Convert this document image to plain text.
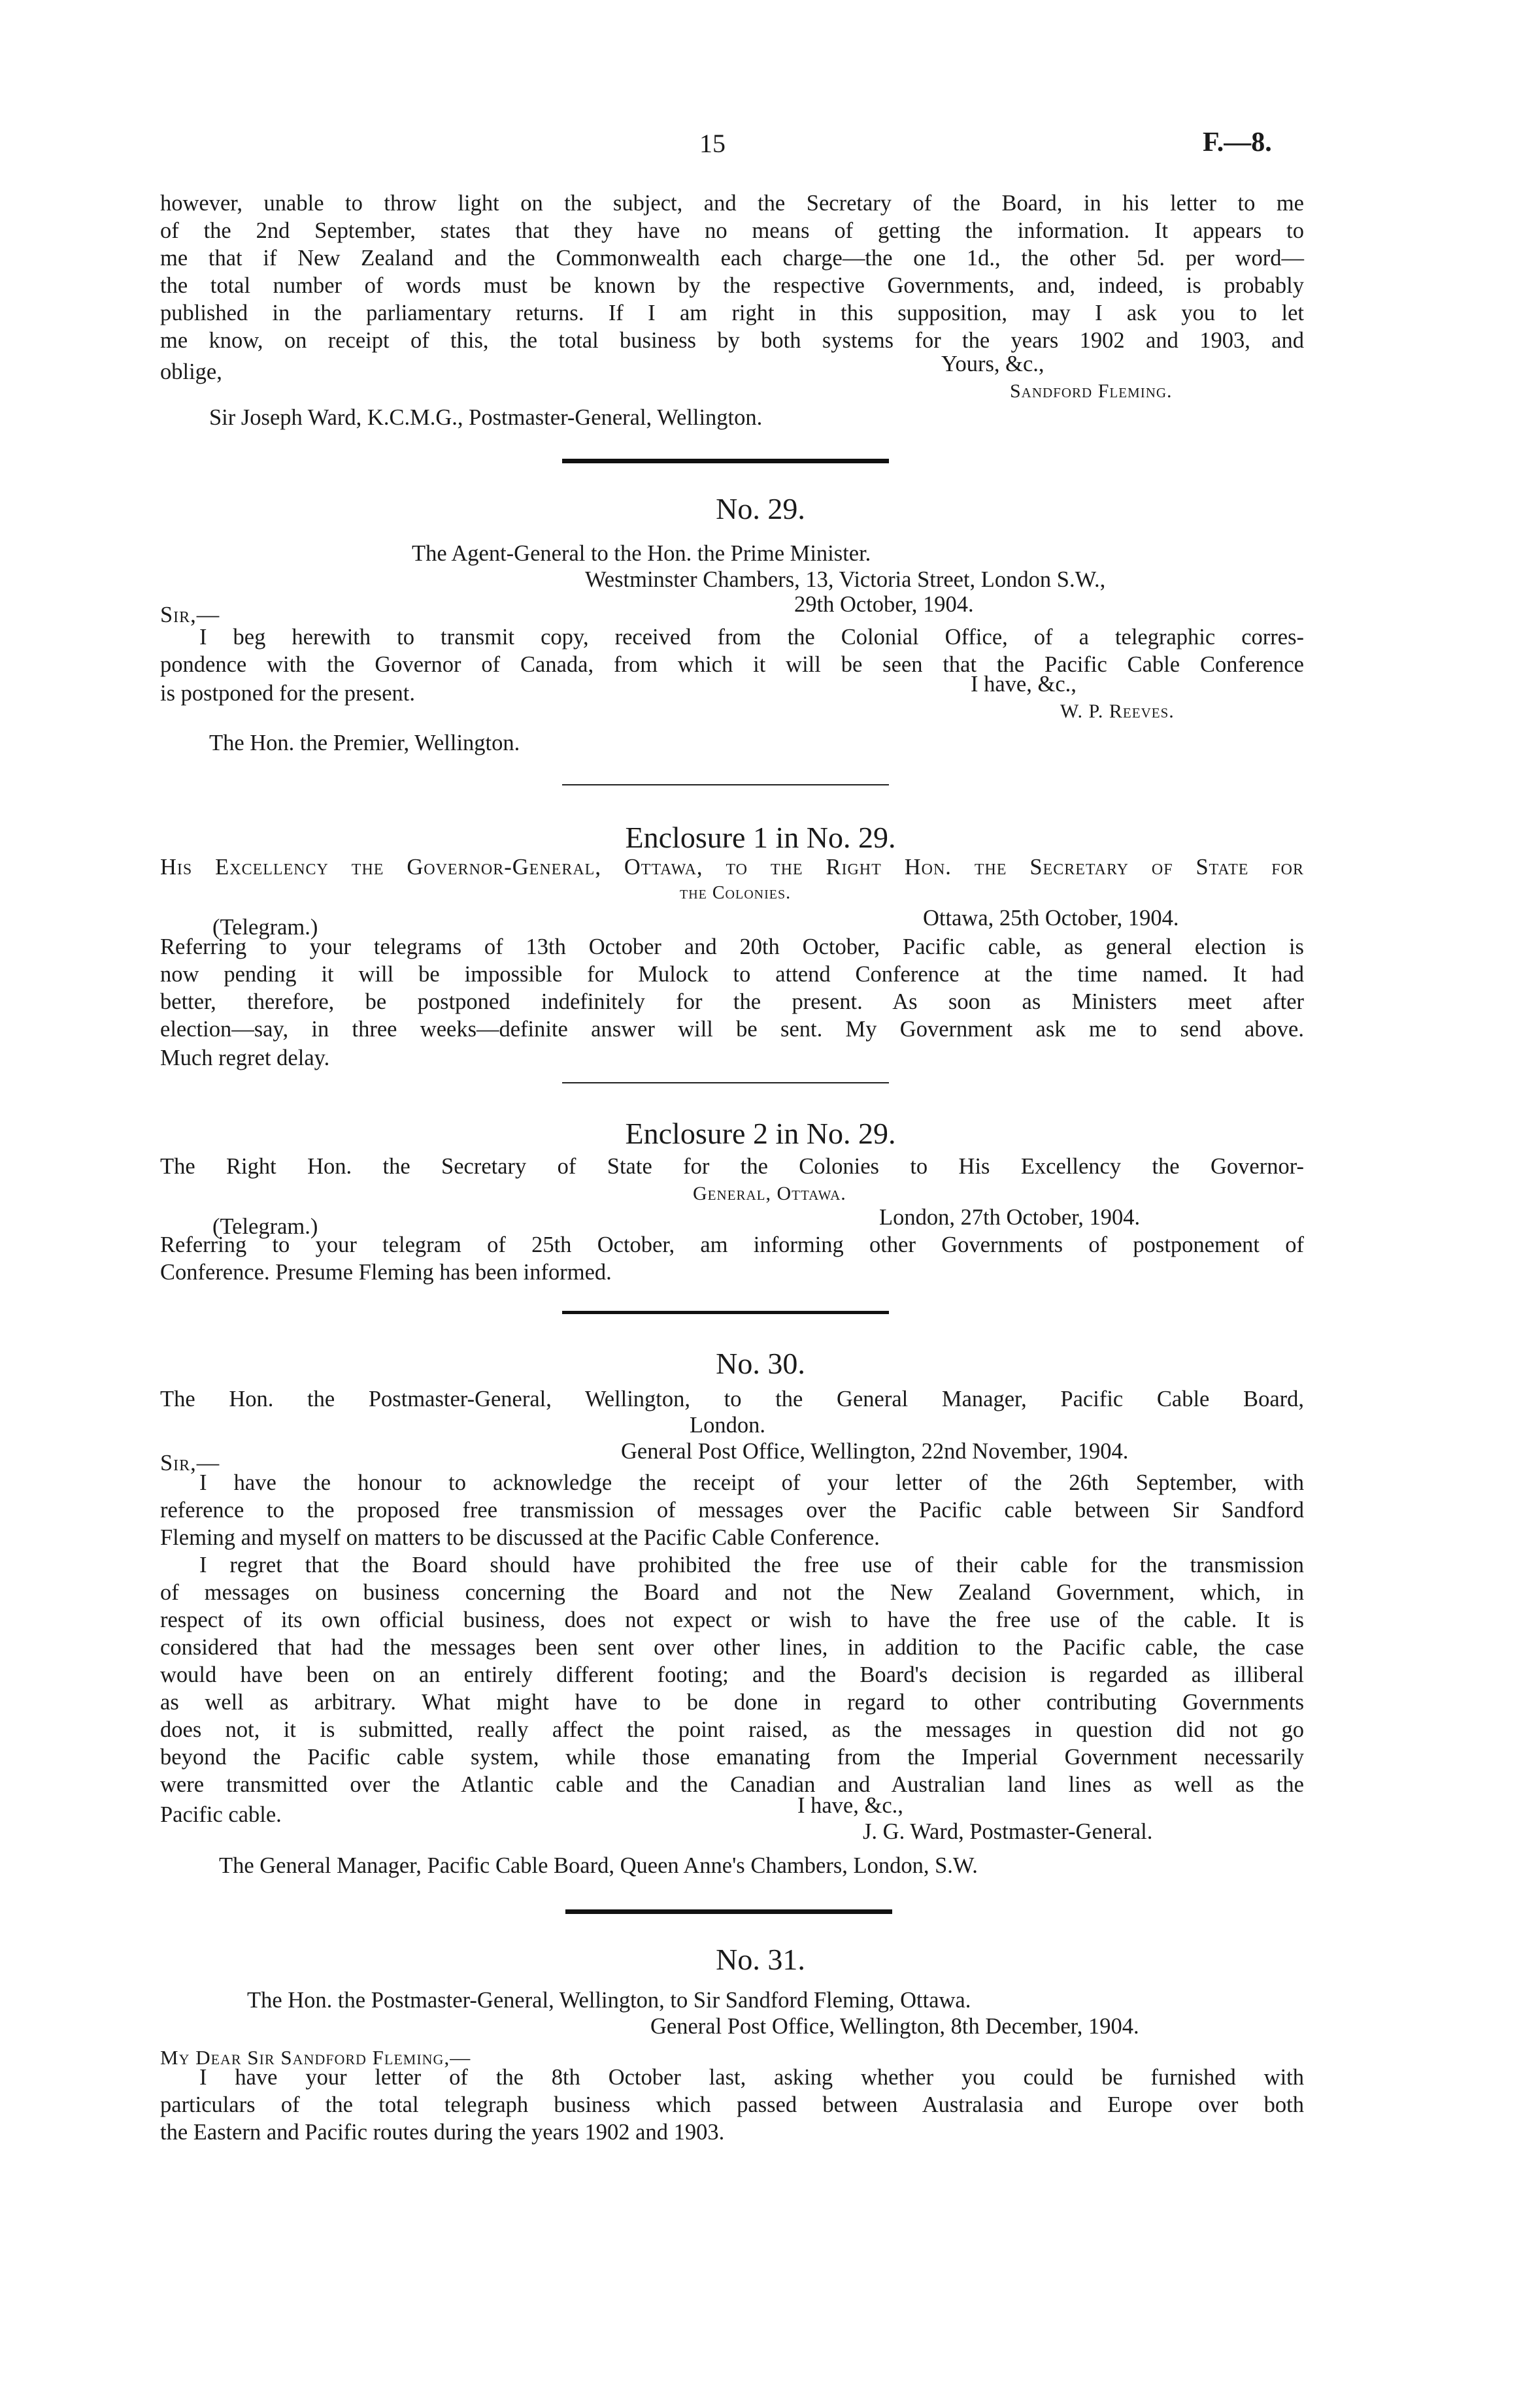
15	F.—8.
however, unable to throw light on the subject, and the Secretary of the Board, in his letter to me
of the 2nd September, states that they have no means of getting the information. It appears to
me that if New Zealand and the Commonwealth each charge—the one 1d., the other 5d. per word—
the total number of words must be known by the respective Governments, and, indeed, is probably
published in the parliamentary returns. If I am right in this supposition, may I ask you to let
me know, on receipt of this, the total business by both systems for the years 1902 and 1903, and
oblige,	Yours, &c.,
Sandford Fleming.
Sir Joseph Ward, K.C.M.G., Postmaster-General, Wellington.
No. 29.
The Agent-General to the Hon. the Prime Minister.
Westminster Chambers, 13, Victoria Street, London S.W.,
29th October, 1904.
Sir,—
I beg herewith to transmit copy, received from the Colonial Office, of a telegraphic corres-
pondence with the Governor of Canada, from which it will be seen that the Pacific Cable Conference
is postponed for the present.	I have, &c.,
W. P. Reeves.
The Hon. the Premier, Wellington.
Enclosure 1 in No. 29.
His Excellency the Governor-General, Ottawa, to the Right Hon. the Secretary of State for
the Colonies.
(Telegram.)	Ottawa, 25th October, 1904.
Referring to your telegrams of 13th October and 20th October, Pacific cable, as general election is
now pending it will be impossible for Mulock to attend Conference at the time named. It had
better, therefore, be postponed indefinitely for the present. As soon as Ministers meet after
election—say, in three weeks—definite answer will be sent. My Government ask me to send above.
Much regret delay.
Enclosure 2 in No. 29.
The Right Hon. the Secretary of State for the Colonies to His Excellency the Governor-
General, Ottawa.
(Telegram.)	London, 27th October, 1904.
Referring to your telegram of 25th October, am informing other Governments of postponement of
Conference. Presume Fleming has been informed.
No. 30.
The Hon. the Postmaster-General, Wellington, to the General Manager, Pacific Cable Board,
London.
General Post Office, Wellington, 22nd November, 1904.
Sir,—
I have the honour to acknowledge the receipt of your letter of the 26th September, with
reference to the proposed free transmission of messages over the Pacific cable between Sir Sandford
Fleming and myself on matters to be discussed at the Pacific Cable Conference.
I regret that the Board should have prohibited the free use of their cable for the transmission
of messages on business concerning the Board and not the New Zealand Government, which, in
respect of its own official business, does not expect or wish to have the free use of the cable. It is
considered that had the messages been sent over other lines, in addition to the Pacific cable, the case
would have been on an entirely different footing; and the Board's decision is regarded as illiberal
as well as arbitrary. What might have to be done in regard to other contributing Governments
does not, it is submitted, really affect the point raised, as the messages in question did not go
beyond the Pacific cable system, while those emanating from the Imperial Government necessarily
were transmitted over the Atlantic cable and the Canadian and Australian land lines as well as the
Pacific cable.	I have, &c.,
J. G. Ward, Postmaster-General.
The General Manager, Pacific Cable Board, Queen Anne's Chambers, London, S.W.
No. 31.
The Hon. the Postmaster-General, Wellington, to Sir Sandford Fleming, Ottawa.
General Post Office, Wellington, 8th December, 1904.
My Dear Sir Sandford Fleming,—
I have your letter of the 8th October last, asking whether you could be furnished with
particulars of the total telegraph business which passed between Australasia and Europe over both
the Eastern and Pacific routes during the years 1902 and 1903.
